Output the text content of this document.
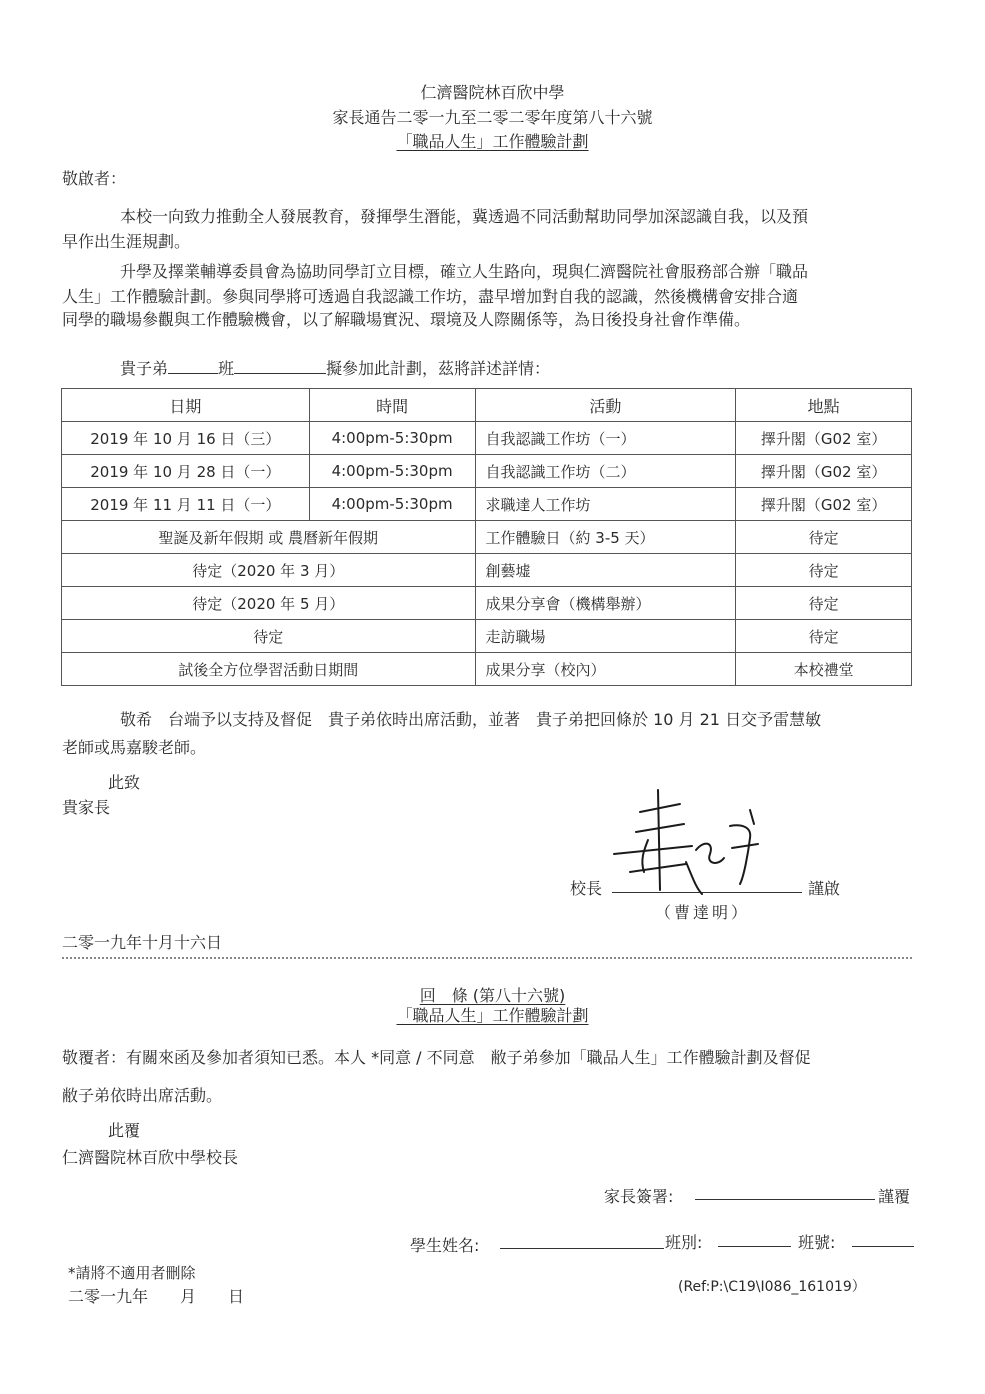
仁濟醫院林百欣中學
家長通告二零一九至二零二零年度第八十六號
「職品人生」工作體驗計劃
敬啟者：
本校一向致力推動全人發展教育，發揮學生潛能，冀透過不同活動幫助同學加深認識自我，以及預
早作出生涯規劃。
升學及擇業輔導委員會為協助同學訂立目標，確立人生路向，現與仁濟醫院社會服務部合辦「職品
人生」工作體驗計劃。參與同學將可透過自我認識工作坊，盡早增加對自我的認識，然後機構會安排合適
同學的職場參觀與工作體驗機會，以了解職場實況、環境及人際關係等，為日後投身社會作準備。
貴子弟	班	擬參加此計劃，茲將詳述詳情：
日期	時間	活動	地點
2019 年 10 月 16 日（三）	4:00pm-5:30pm	自我認識工作坊（一）	擇升閣（G02 室）
2019 年 10 月 28 日（一）	4:00pm-5:30pm	自我認識工作坊（二）	擇升閣（G02 室）
2019 年 11 月 11 日（一）	4:00pm-5:30pm	求職達人工作坊	擇升閣（G02 室）
聖誕及新年假期 或 農曆新年假期		工作體驗日（約 3-5 天）	待定
待定（2020 年 3 月）		創藝墟	待定
待定（2020 年 5 月）		成果分享會（機構舉辦）	待定
待定		走訪職場	待定
試後全方位學習活動日期間		成果分享（校內）	本校禮堂
敬希　台端予以支持及督促　貴子弟依時出席活動，並著　貴子弟把回條於 10 月 21 日交予雷慧敏
老師或馬嘉駿老師。
此致
貴家長
校長	謹啟
（曹達明）
二零一九年十月十六日
回　條 (第八十六號)
「職品人生」工作體驗計劃
敬覆者：有關來函及參加者須知已悉。本人 *同意 / 不同意　敝子弟參加「職品人生」工作體驗計劃及督促
敝子弟依時出席活動。
此覆
仁濟醫院林百欣中學校長
家長簽署:	謹覆
學生姓名:	班別:	班號:
*請將不適用者刪除
二零一九年　　月　　日	(Ref:P:\C19\I086_161019）
